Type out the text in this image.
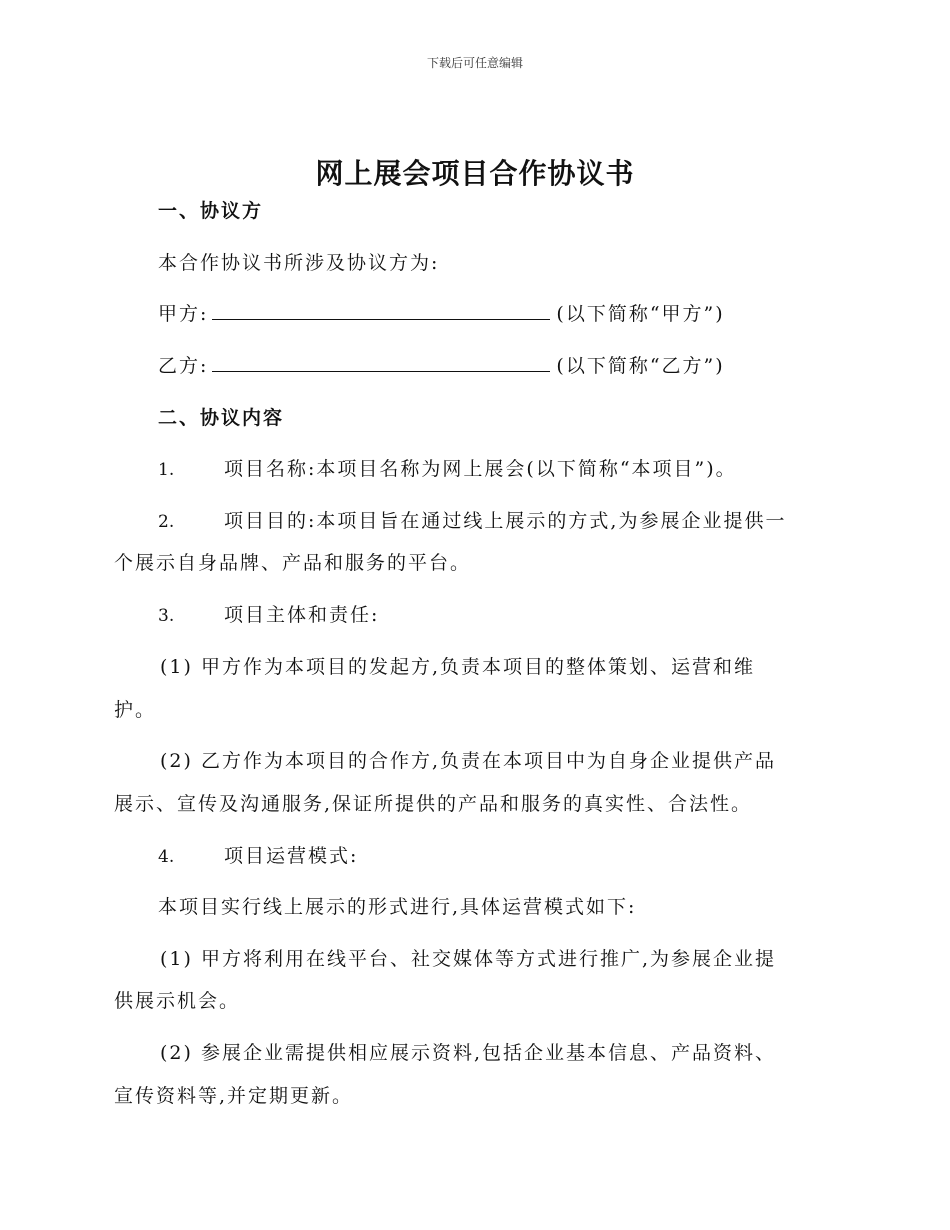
下载后可任意编辑
网上展会项目合作协议书
一、协议方
本合作协议书所涉及协议方为:
甲方:	(以下简称“甲方”)
乙方:	(以下简称“乙方”)
二、协议内容
1.	项目名称:本项目名称为网上展会(以下简称“本项目”)。
2.	项目目的:本项目旨在通过线上展示的方式,为参展企业提供一
个展示自身品牌、产品和服务的平台。
3.	项目主体和责任:
(1) 甲方作为本项目的发起方,负责本项目的整体策划、运营和维
护。
(2) 乙方作为本项目的合作方,负责在本项目中为自身企业提供产品
展示、宣传及沟通服务,保证所提供的产品和服务的真实性、合法性。
4.	项目运营模式:
本项目实行线上展示的形式进行,具体运营模式如下:
(1) 甲方将利用在线平台、社交媒体等方式进行推广,为参展企业提
供展示机会。
(2) 参展企业需提供相应展示资料,包括企业基本信息、产品资料、
宣传资料等,并定期更新。
